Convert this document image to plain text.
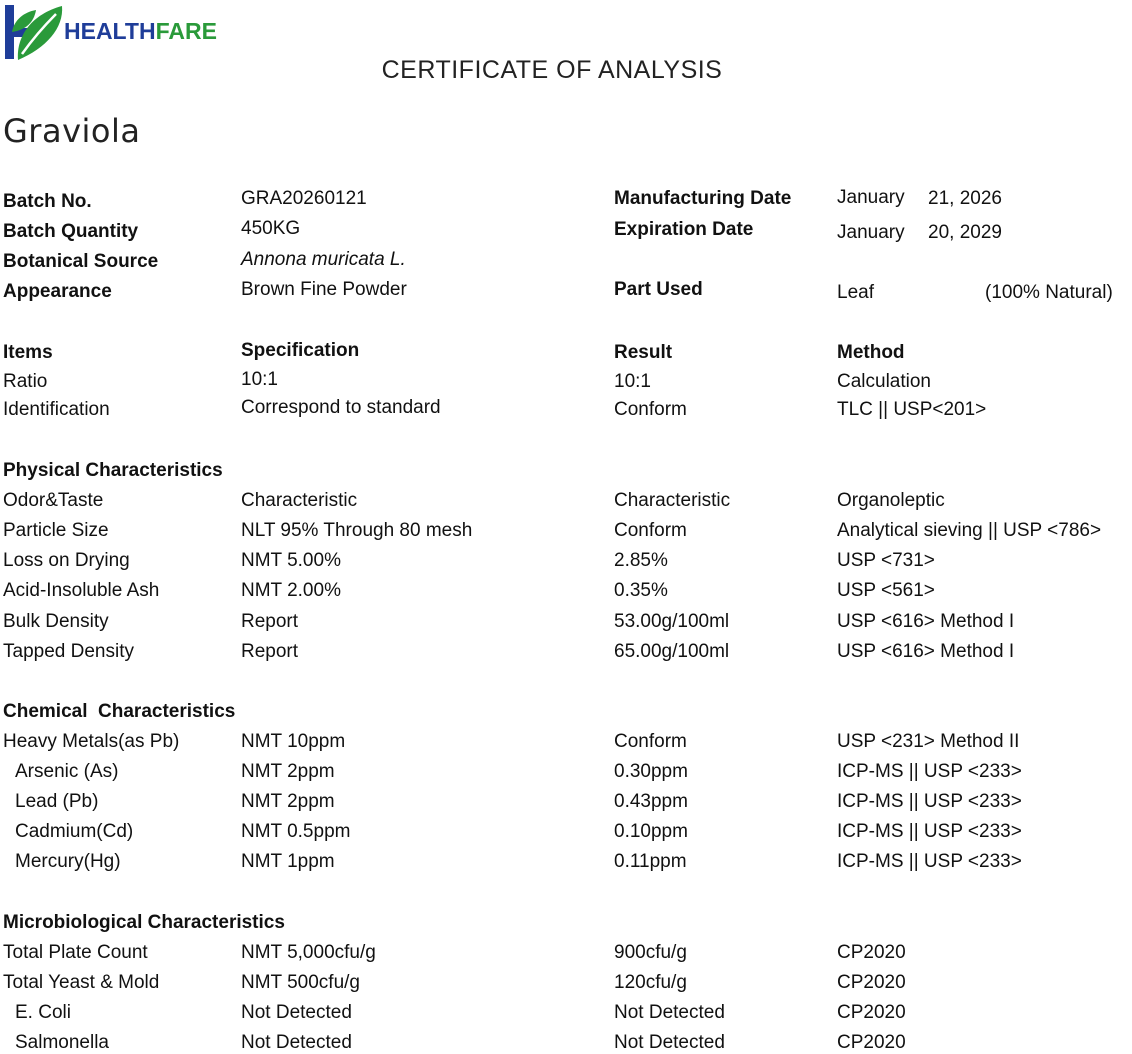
HEALTHFARE
CERTIFICATE OF ANALYSIS
Graviola
Batch No.	GRA20260121
Batch Quantity	450KG
Botanical Source	Annona muricata L.
Appearance	Brown Fine Powder
Manufacturing Date January 21, 2026
Expiration Date	January 20, 2029
Part Used	Leaf	(100% Natural)
Items	Specification	Result	Method
Ratio	10:1	10:1	Calculation
Identification	Correspond to standard	Conform	TLC || USP<201>
Physical Characteristics
Odor&Taste	Characteristic	Characteristic	Organoleptic
Particle Size	NLT 95% Through 80 mesh	Conform	Analytical sieving || USP <786>
Loss on Drying	NMT 5.00%	2.85%	USP <731>
Acid-Insoluble Ash	NMT 2.00%	0.35%	USP <561>
Bulk Density	Report	53.00g/100ml	USP <616> Method I
Tapped Density	Report	65.00g/100ml	USP <616> Method I
Chemical  Characteristics
Heavy Metals(as Pb)	NMT 10ppm	Conform	USP <231> Method II
Arsenic (As)	NMT 2ppm	0.30ppm	ICP-MS || USP <233>
Lead (Pb)	NMT 2ppm	0.43ppm	ICP-MS || USP <233>
Cadmium(Cd)	NMT 0.5ppm	0.10ppm	ICP-MS || USP <233>
Mercury(Hg)	NMT 1ppm	0.11ppm	ICP-MS || USP <233>
Microbiological Characteristics
Total Plate Count	NMT 5,000cfu/g	900cfu/g	CP2020
Total Yeast & Mold	NMT 500cfu/g	120cfu/g	CP2020
E. Coli	Not Detected	Not Detected	CP2020
Salmonella	Not Detected	Not Detected	CP2020
